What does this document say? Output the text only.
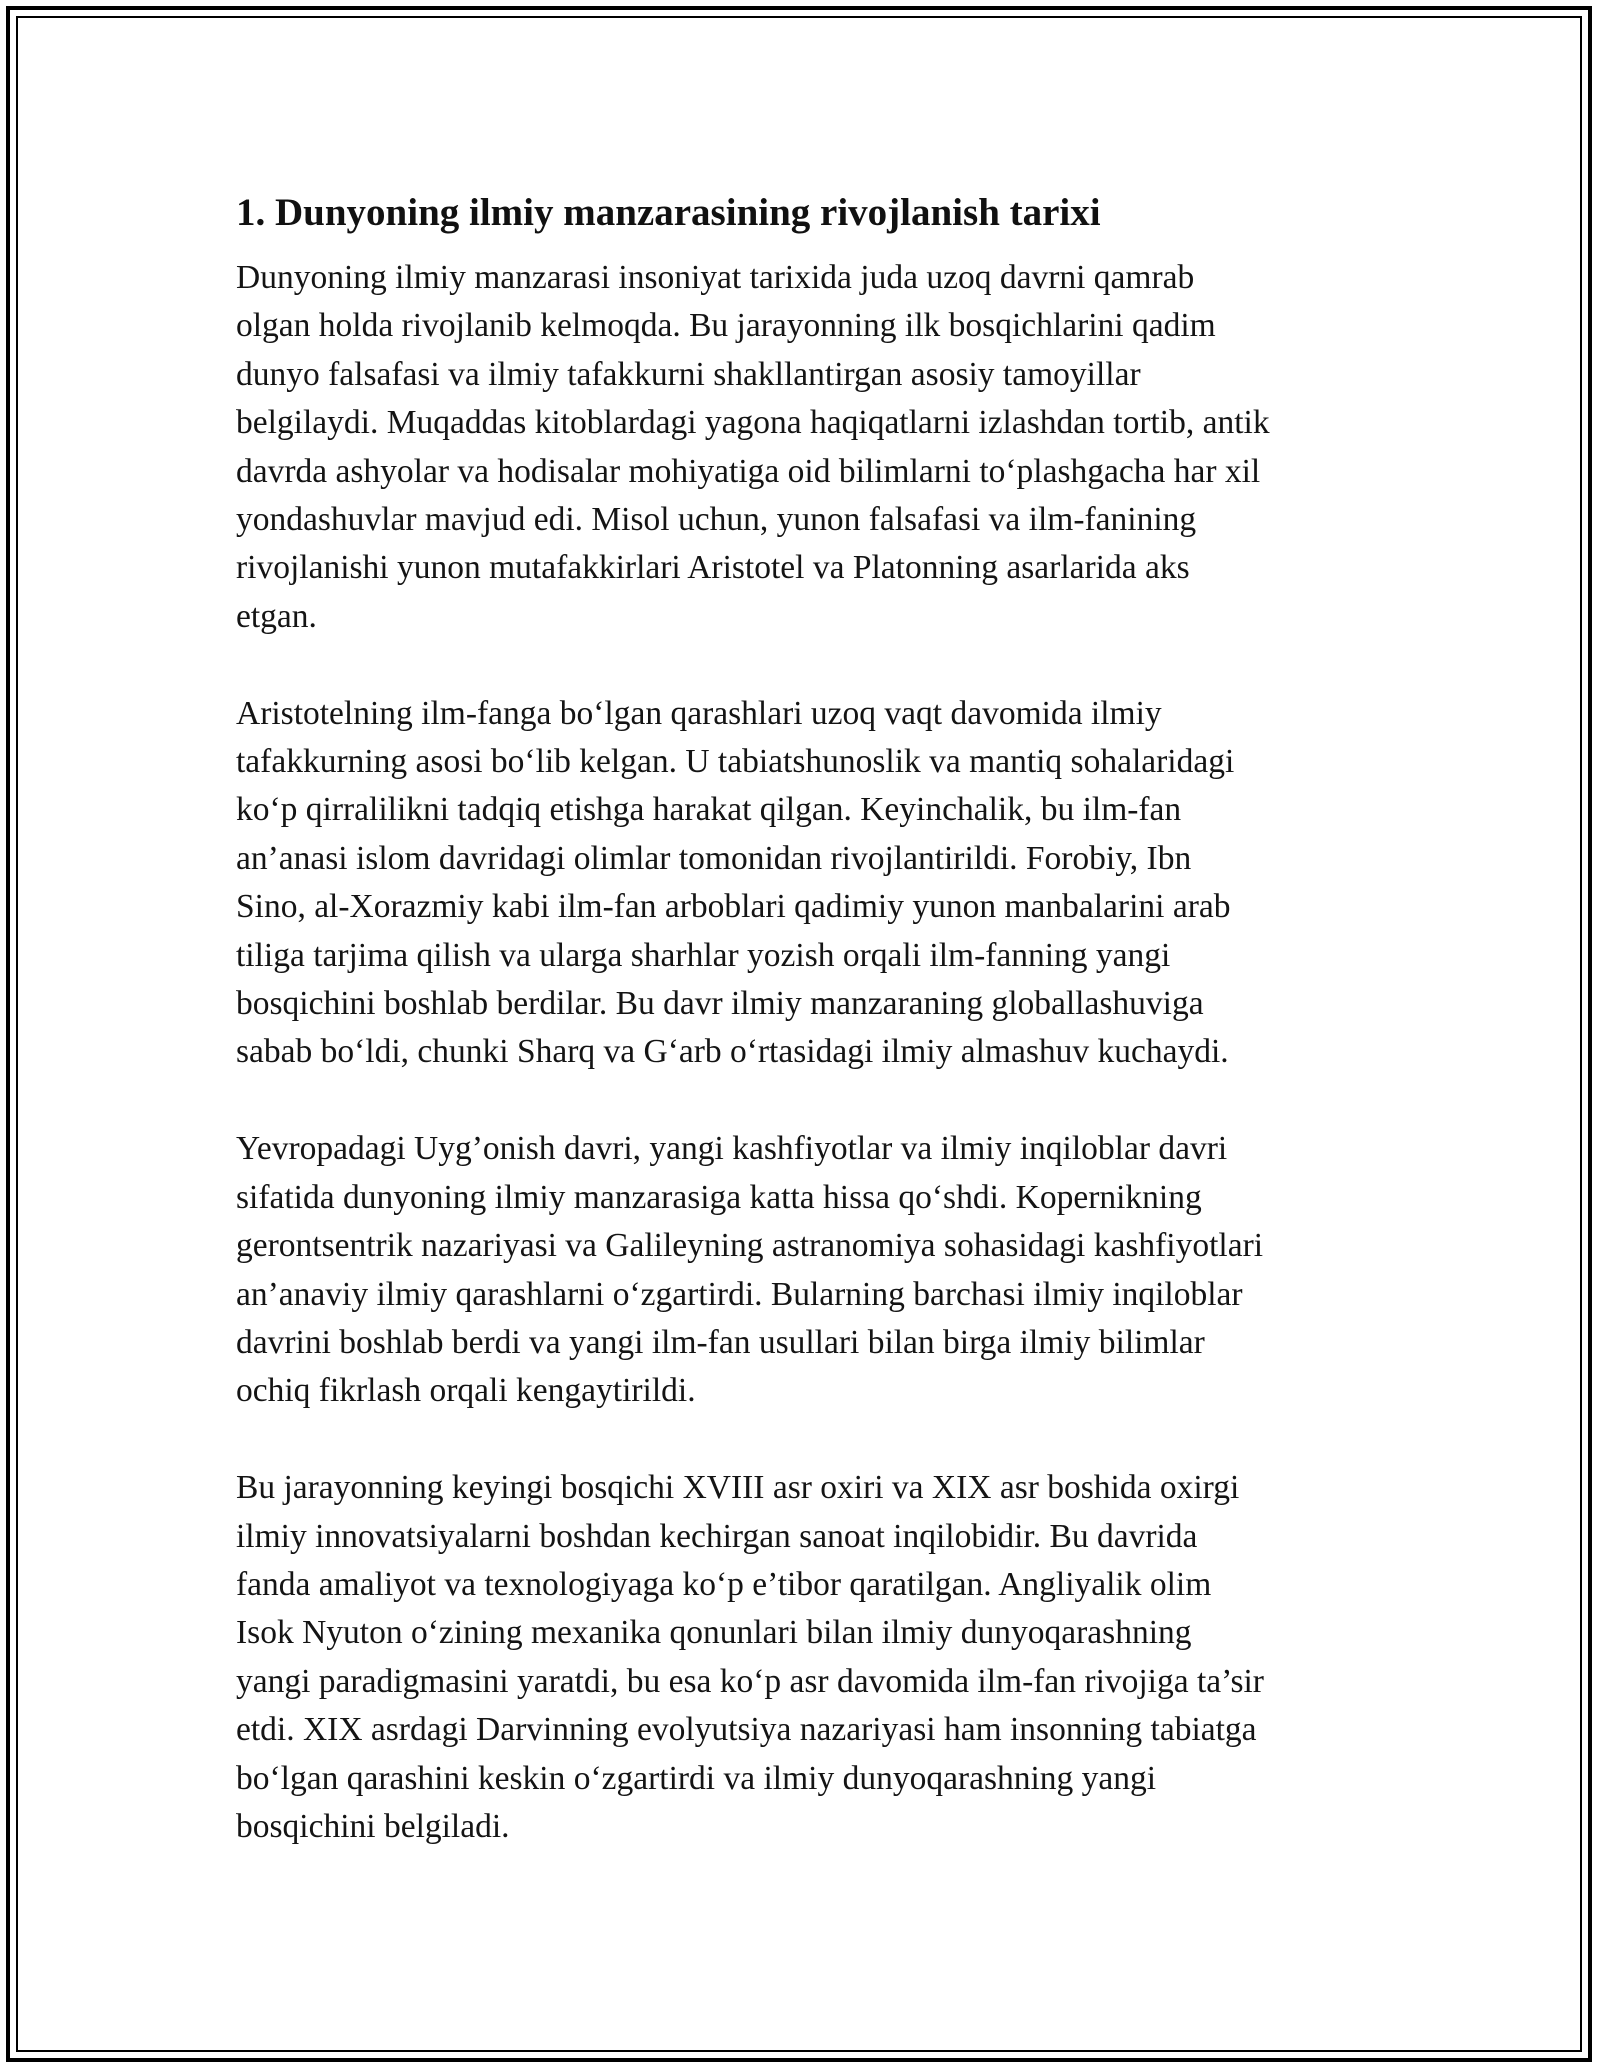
1. Dunyoning ilmiy manzarasining rivojlanish tarixi

Dunyoning ilmiy manzarasi insoniyat tarixida juda uzoq davrni qamrab
olgan holda rivojlanib kelmoqda. Bu jarayonning ilk bosqichlarini qadim
dunyo falsafasi va ilmiy tafakkurni shakllantirgan asosiy tamoyillar
belgilaydi. Muqaddas kitoblardagi yagona haqiqatlarni izlashdan tortib, antik
davrda ashyolar va hodisalar mohiyatiga oid bilimlarni to‘plashgacha har xil
yondashuvlar mavjud edi. Misol uchun, yunon falsafasi va ilm-fanining
rivojlanishi yunon mutafakkirlari Aristotel va Platonning asarlarida aks
etgan.

Aristotelning ilm-fanga bo‘lgan qarashlari uzoq vaqt davomida ilmiy
tafakkurning asosi bo‘lib kelgan. U tabiatshunoslik va mantiq sohalaridagi
ko‘p qirralilikni tadqiq etishga harakat qilgan. Keyinchalik, bu ilm-fan
an’anasi islom davridagi olimlar tomonidan rivojlantirildi. Forobiy, Ibn
Sino, al-Xorazmiy kabi ilm-fan arboblari qadimiy yunon manbalarini arab
tiliga tarjima qilish va ularga sharhlar yozish orqali ilm-fanning yangi
bosqichini boshlab berdilar. Bu davr ilmiy manzaraning globallashuviga
sabab bo‘ldi, chunki Sharq va G‘arb o‘rtasidagi ilmiy almashuv kuchaydi.

Yevropadagi Uyg’onish davri, yangi kashfiyotlar va ilmiy inqiloblar davri
sifatida dunyoning ilmiy manzarasiga katta hissa qo‘shdi. Kopernikning
gerontsentrik nazariyasi va Galileyning astranomiya sohasidagi kashfiyotlari
an’anaviy ilmiy qarashlarni o‘zgartirdi. Bularning barchasi ilmiy inqiloblar
davrini boshlab berdi va yangi ilm-fan usullari bilan birga ilmiy bilimlar
ochiq fikrlash orqali kengaytirildi.

Bu jarayonning keyingi bosqichi XVIII asr oxiri va XIX asr boshida oxirgi
ilmiy innovatsiyalarni boshdan kechirgan sanoat inqilobidir. Bu davrida
fanda amaliyot va texnologiyaga ko‘p e’tibor qaratilgan. Angliyalik olim
Isok Nyuton o‘zining mexanika qonunlari bilan ilmiy dunyoqarashning
yangi paradigmasini yaratdi, bu esa ko‘p asr davomida ilm-fan rivojiga ta’sir
etdi. XIX asrdagi Darvinning evolyutsiya nazariyasi ham insonning tabiatga
bo‘lgan qarashini keskin o‘zgartirdi va ilmiy dunyoqarashning yangi
bosqichini belgiladi.
